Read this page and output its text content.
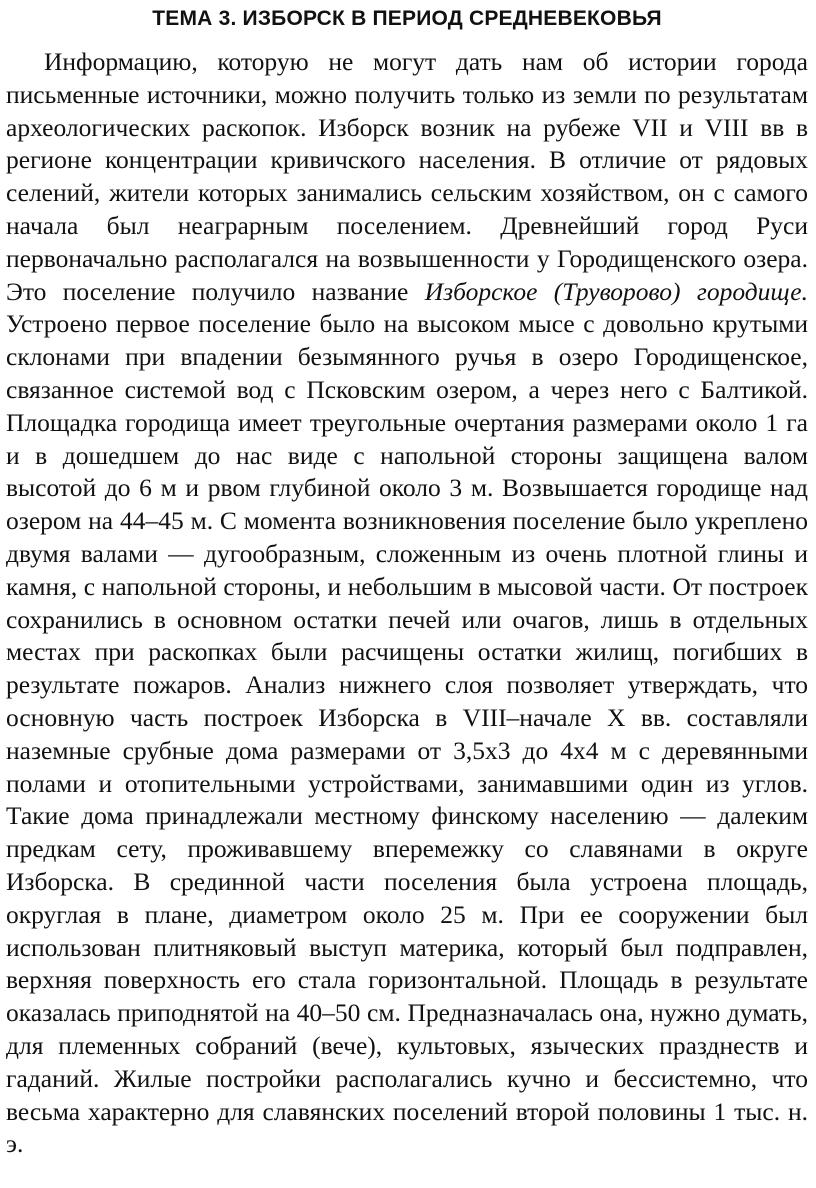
ТЕМА 3. ИЗБОРСК В ПЕРИОД СРЕДНЕВЕКОВЬЯ

Информацию, которую не могут дать нам об истории города письменные источники, можно получить только из земли по результатам археологических раскопок. Изборск возник на рубеже VII и VIII вв в регионе концентрации кривичского населения. В отличие от рядовых селений, жители которых занимались сельским хозяйством, он с самого начала был неаграрным поселением. Древнейший город Руси первоначально располагался на возвышенности у Городищенского озера. Это поселение получило название Изборское (Труворово) городище. Устроено первое поселение было на высоком мысе с довольно крутыми склонами при впадении безымянного ручья в озеро Городищенское, связанное системой вод с Псковским озером, а через него с Балтикой. Площадка городища имеет треугольные очертания размерами около 1 га и в дошедшем до нас виде с напольной стороны защищена валом высотой до 6 м и рвом глубиной около 3 м. Возвышается городище над озером на 44–45 м. С момента возникновения поселение было укреплено двумя валами — дугообразным, сложенным из очень плотной глины и камня, с напольной стороны, и небольшим в мысовой части. От построек сохранились в основном остатки печей или очагов, лишь в отдельных местах при раскопках были расчищены остатки жилищ, погибших в результате пожаров. Анализ нижнего слоя позволяет утверждать, что основную часть построек Изборска в VIII–начале X вв. составляли наземные срубные дома размерами от 3,5х3 до 4х4 м с деревянными полами и отопительными устройствами, занимавшими один из углов. Такие дома принадлежали местному финскому населению — далеким предкам сету, проживавшему вперемежку со славянами в округе Изборска. В срединной части поселения была устроена площадь, округлая в плане, диаметром около 25 м. При ее сооружении был использован плитняковый выступ материка, который был подправлен, верхняя поверхность его стала горизонтальной. Площадь в результате оказалась приподнятой на 40–50 см. Предназначалась она, нужно думать, для племенных собраний (вече), культовых, языческих празднеств и гаданий. Жилые постройки располагались кучно и бессистемно, что весьма характерно для славянских поселений второй половины 1 тыс. н. э.
